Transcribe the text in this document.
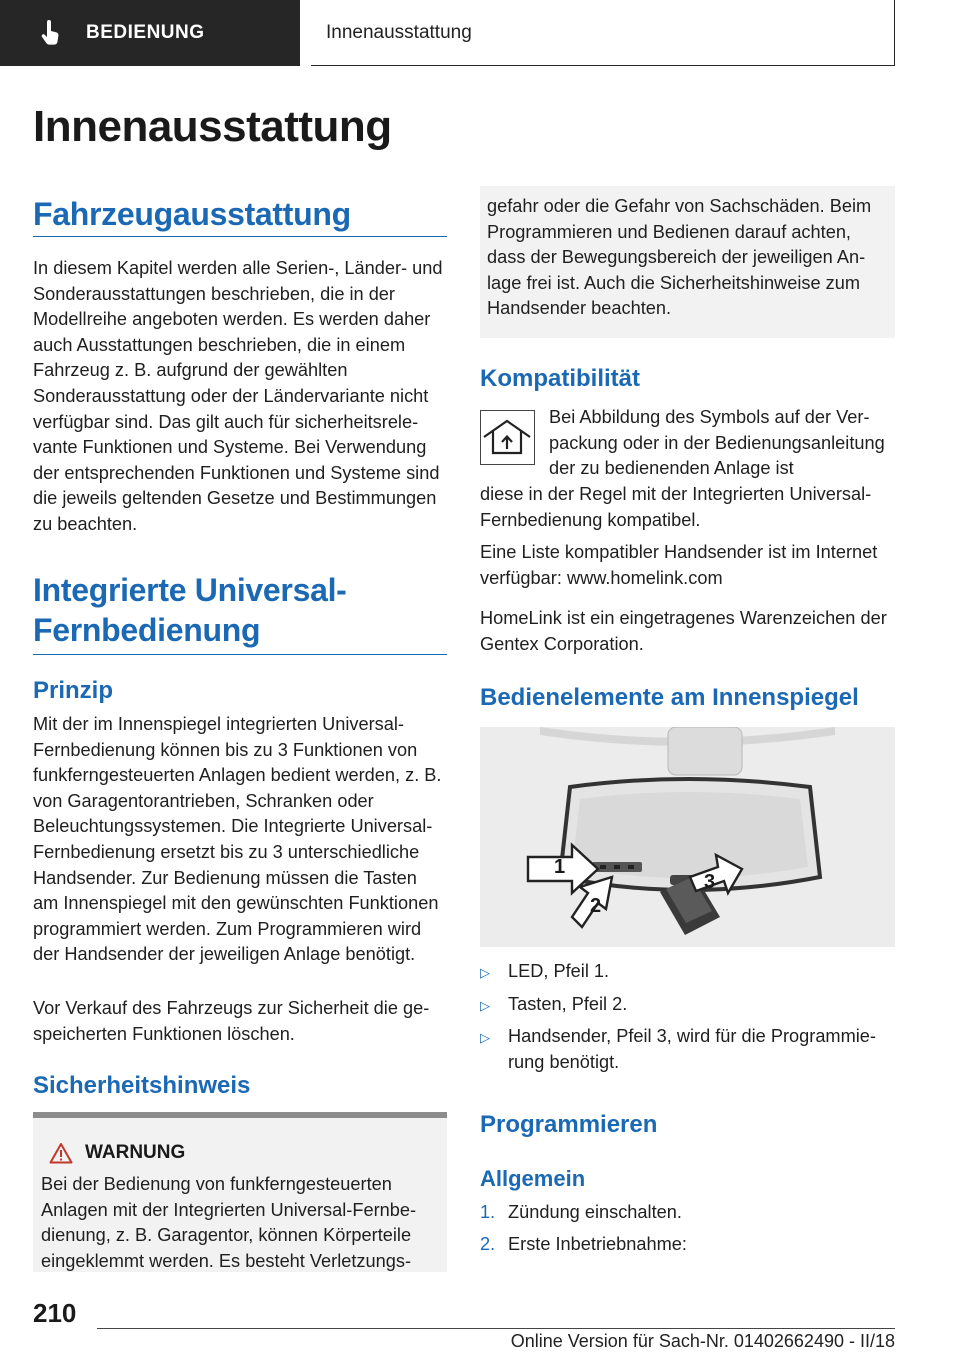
BEDIENUNG	Innenausstattung
Innenausstattung
Fahrzeugausstattung

In diesem Kapitel werden alle Serien-, Länder- und Sonderausstattungen beschrieben, die in der Modellreihe angeboten werden. Es werden daher auch Ausstattungen beschrieben, die in einem Fahrzeug z. B. aufgrund der gewählten Sonderausstattung oder der Ländervariante nicht verfügbar sind. Das gilt auch für sicherheitsrelevante Funktionen und Systeme. Bei Verwendung der entsprechenden Funktionen und Systeme sind die jeweils geltenden Gesetze und Bestimmungen zu beachten.

Integrierte Universal-
Fernbedienung
Prinzip

Mit der im Innenspiegel integrierten Universal-Fernbedienung können bis zu 3 Funktionen von funkferngesteuerten Anlagen bedient werden, z. B. von Garagentorantrieben, Schranken oder Beleuchtungssystemen. Die Integrierte Universal-Fernbedienung ersetzt bis zu 3 unterschiedliche Handsender. Zur Bedienung müssen die Tasten am Innenspiegel mit den gewünschten Funktionen programmiert werden. Zum Programmieren wird der Handsender der jeweiligen Anlage benötigt.

Vor Verkauf des Fahrzeugs zur Sicherheit die gespeicherten Funktionen löschen.

Sicherheitshinweis
WARNUNG

Bei der Bedienung von funkferngesteuerten Anlagen mit der Integrierten Universal-Fernbedienung, z. B. Garagentor, können Körperteile eingeklemmt werden. Es besteht Verletzungs-

gefahr oder die Gefahr von Sachschäden. Beim Programmieren und Bedienen darauf achten, dass der Bewegungsbereich der jeweiligen Anlage frei ist. Auch die Sicherheitshinweise zum Handsender beachten.

Kompatibilität

Bei Abbildung des Symbols auf der Verpackung oder in der Bedienungsanleitung der zu bedienenden Anlage ist

diese in der Regel mit der Integrierten Universal-Fernbedienung kompatibel.

Eine Liste kompatibler Handsender ist im Internet verfügbar: www.homelink.com

HomeLink ist ein eingetragenes Warenzeichen der Gentex Corporation.

Bedienelemente am Innenspiegel
1
2
3
▷ LED, Pfeil 1.
▷ Tasten, Pfeil 2.
▷ Handsender, Pfeil 3, wird für die Programmierung benötigt.
Programmieren
Allgemein
1. Zündung einschalten.
2. Erste Inbetriebnahme:
210
Online Version für Sach-Nr. 01402662490 - II/18
